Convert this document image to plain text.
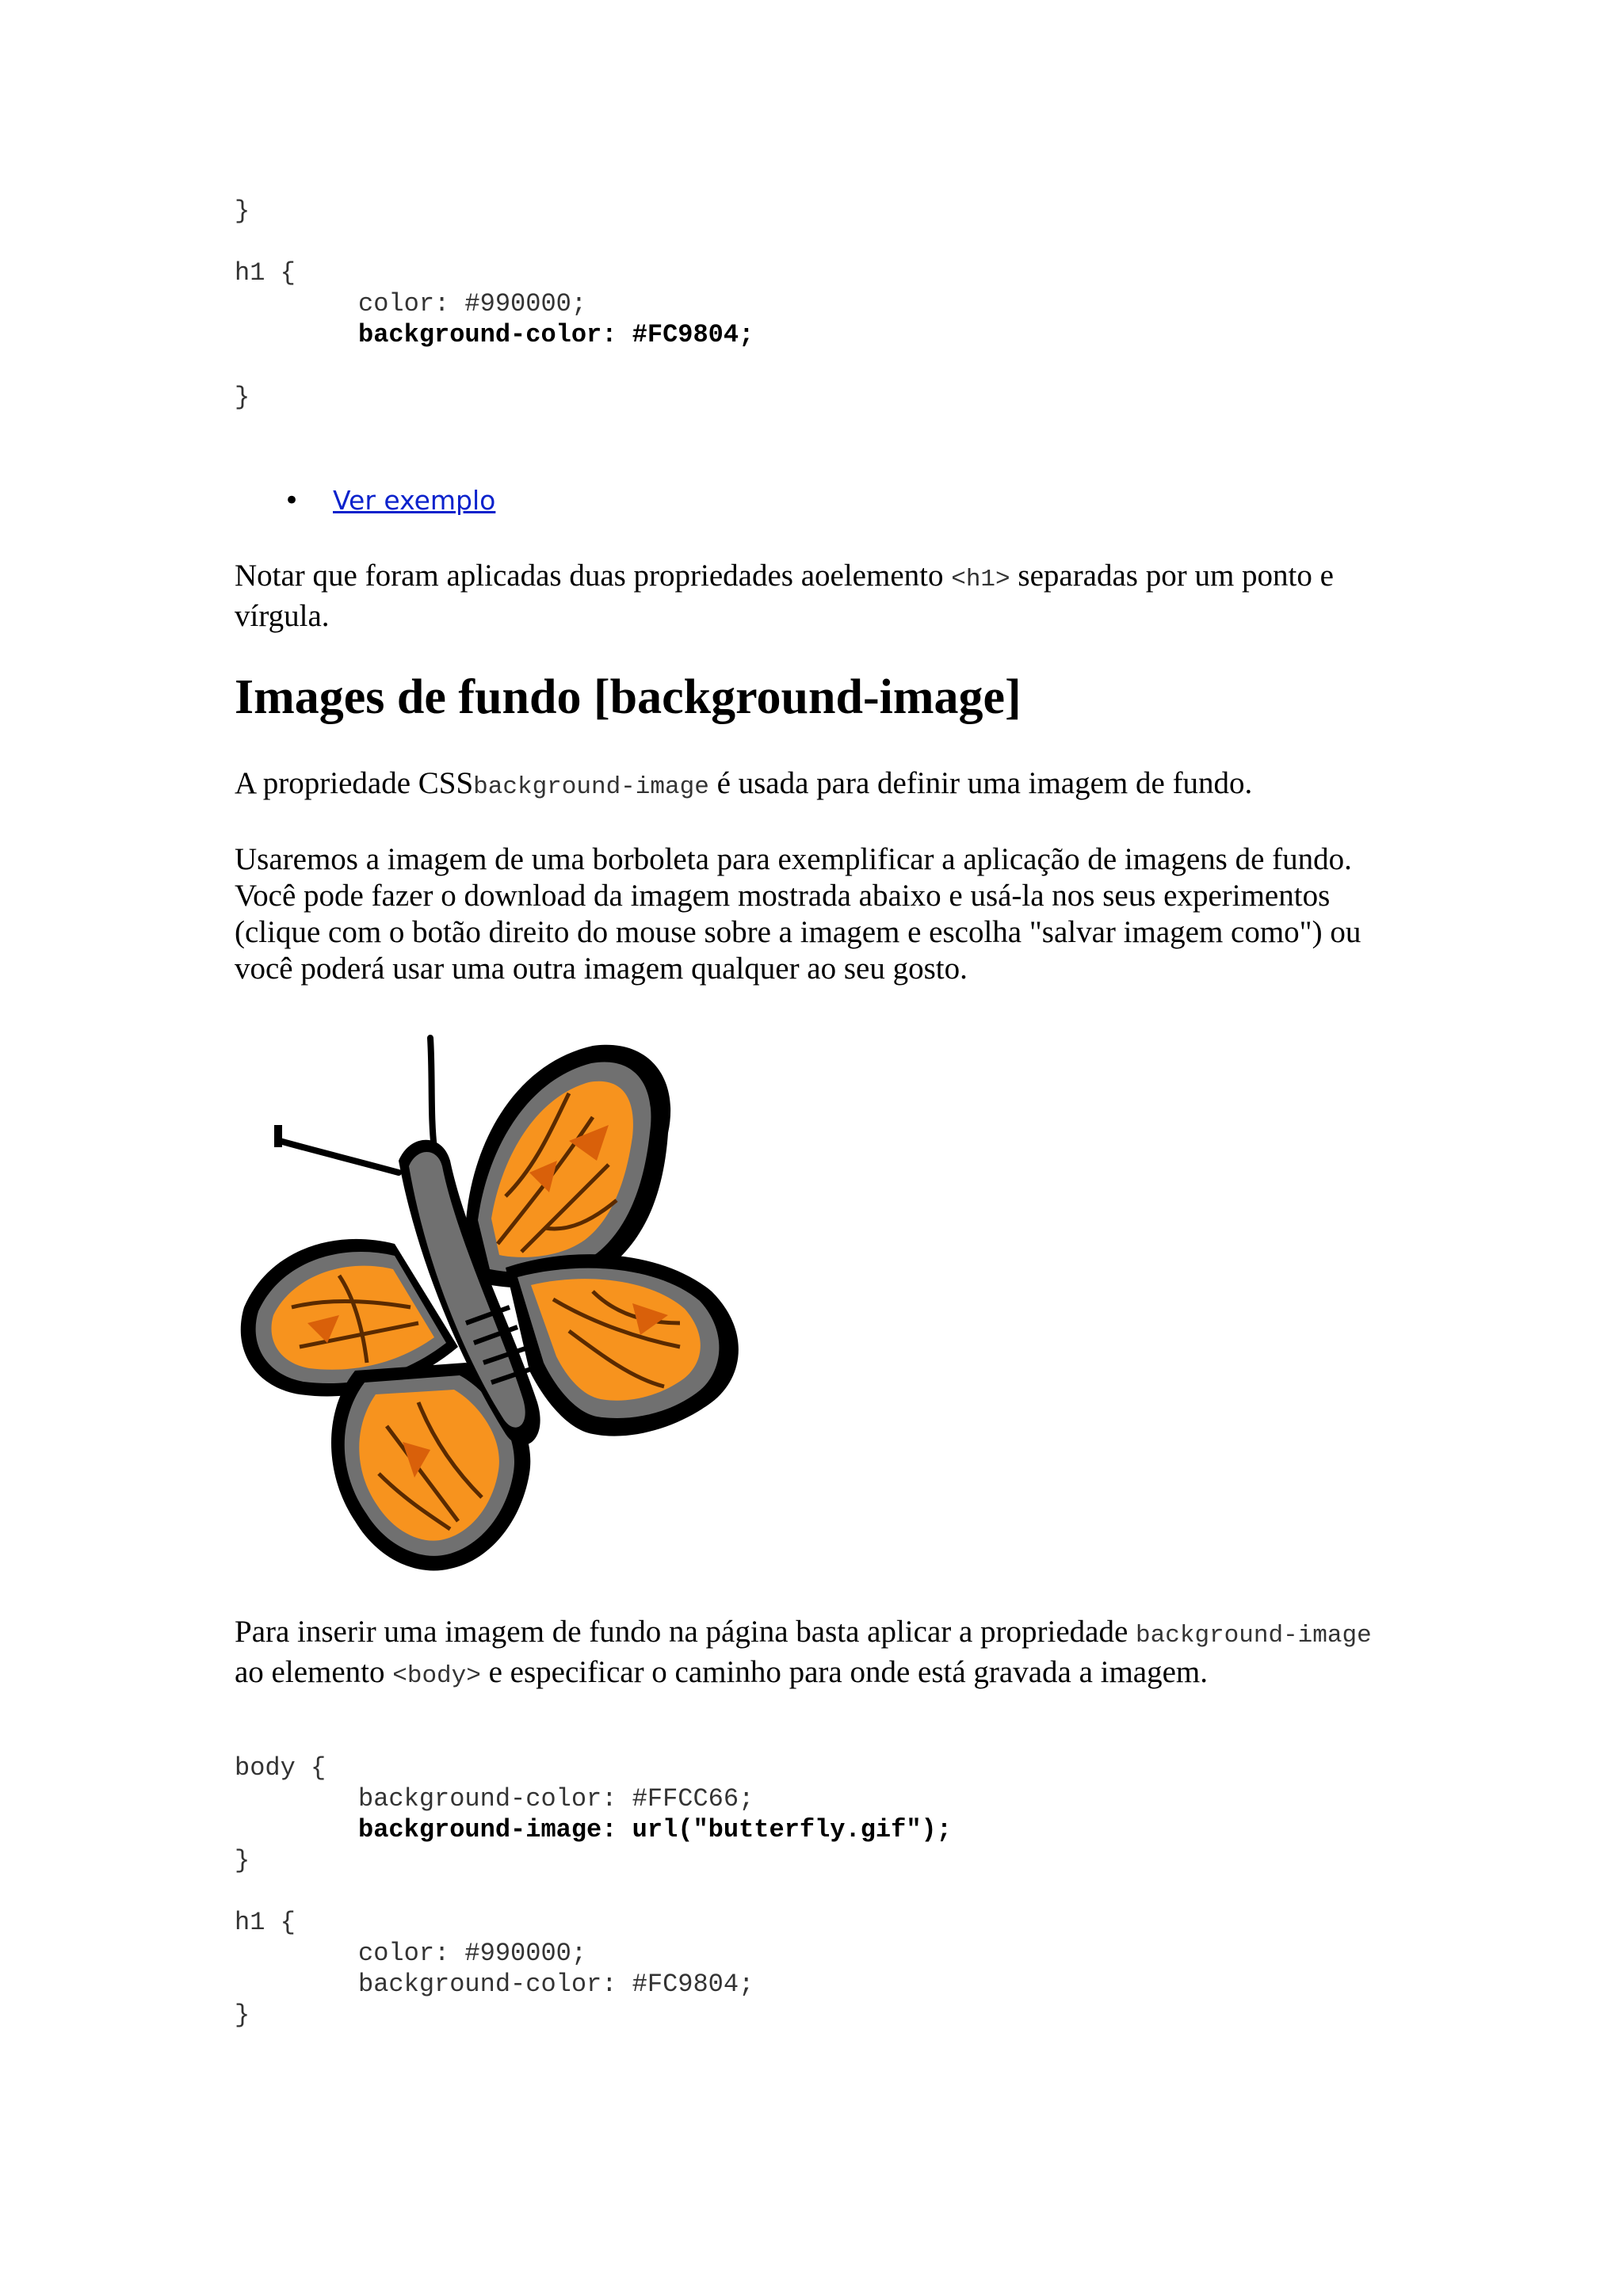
}
h1 {
color: #990000;
background-color: #FC9804;
}
• Ver exemplo

Notar que foram aplicadas duas propriedades aoelemento <h1> separadas por um ponto e vírgula.

Images de fundo [background-image]

A propriedade CSSbackground-image é usada para definir uma imagem de fundo.

Usaremos a imagem de uma borboleta para exemplificar a aplicação de imagens de fundo. Você pode fazer o download da imagem mostrada abaixo e usá-la nos seus experimentos (clique com o botão direito do mouse sobre a imagem e escolha "salvar imagem como") ou você poderá usar uma outra imagem qualquer ao seu gosto.

Para inserir uma imagem de fundo na página basta aplicar a propriedade background-image ao elemento <body> e especificar o caminho para onde está gravada a imagem.

body {
background-color: #FFCC66;
background-image: url("butterfly.gif");
}
h1 {
color: #990000;
background-color: #FC9804;
}
